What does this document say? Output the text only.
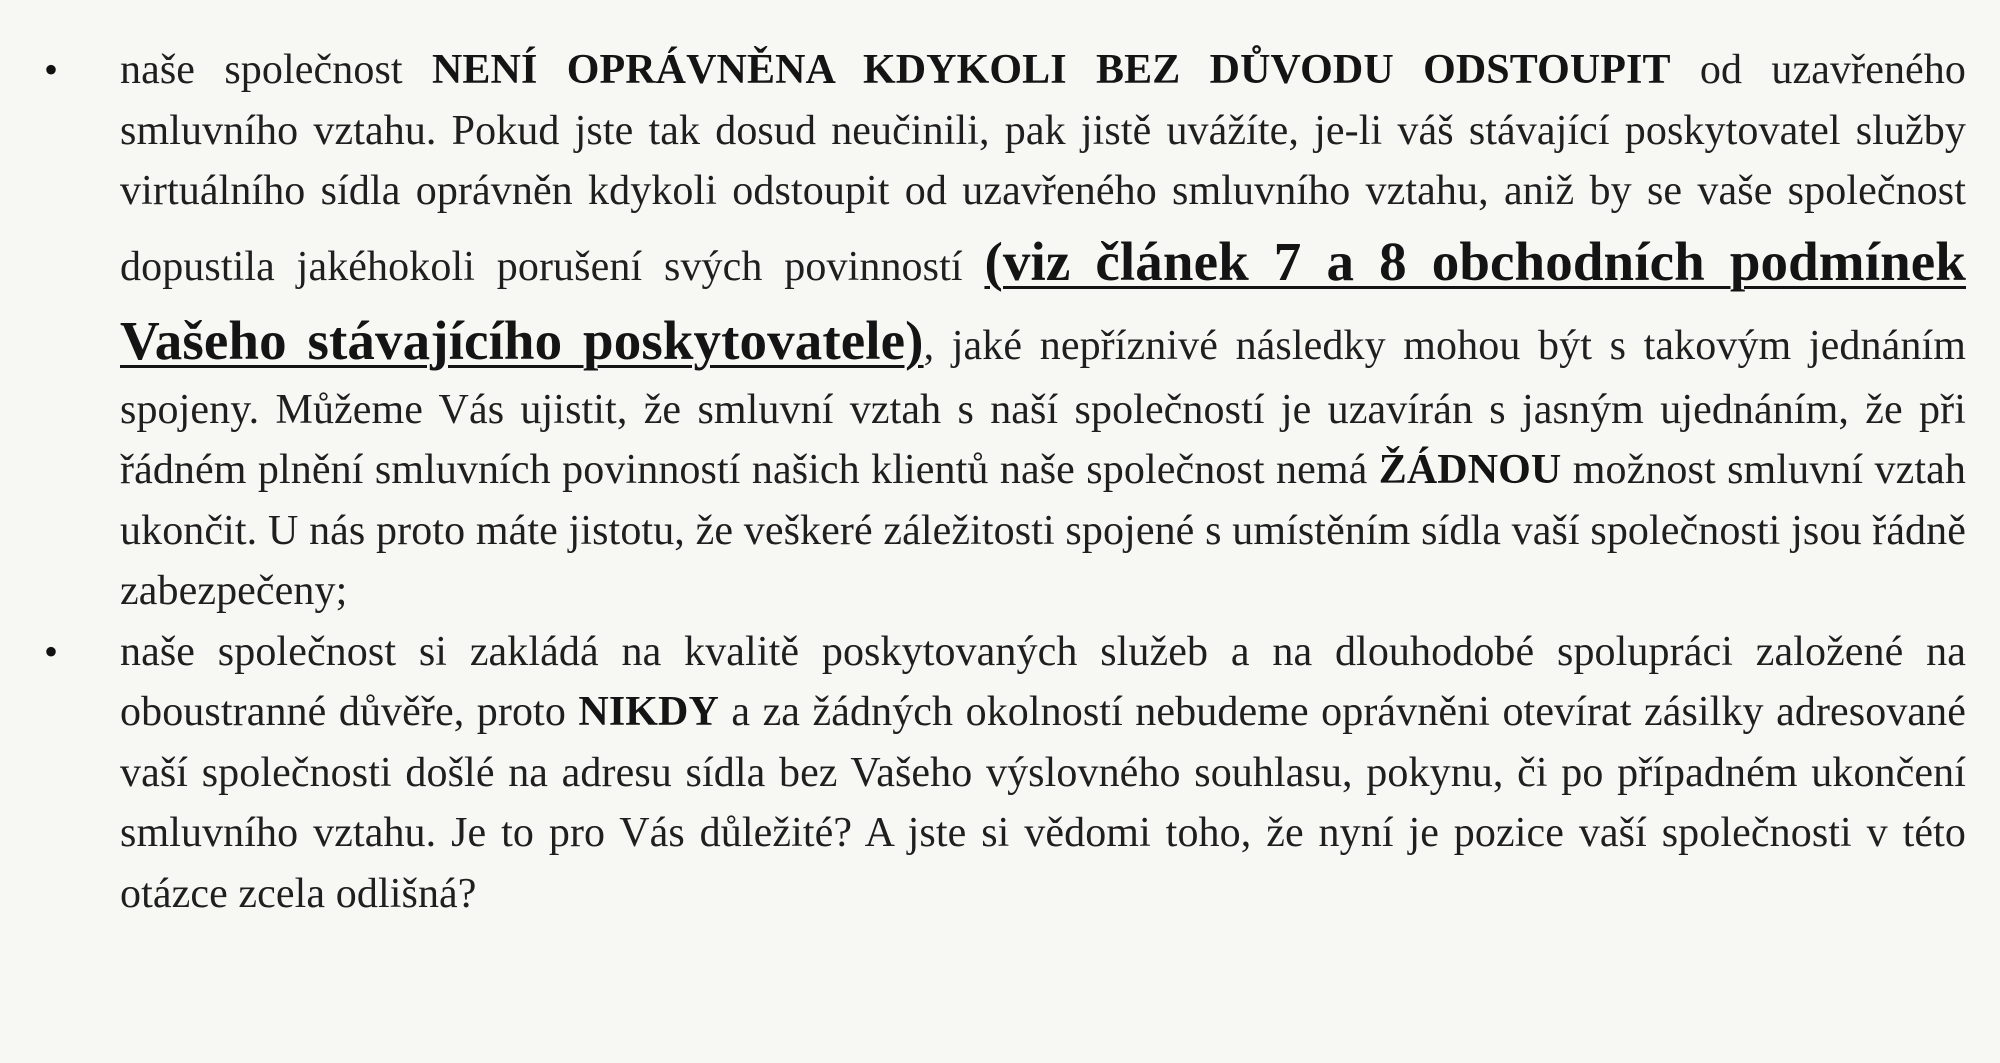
• naše společnost NENÍ OPRÁVNĚNA KDYKOLI BEZ DŮVODU ODSTOUPIT od uzavřeného smluvního vztahu. Pokud jste tak dosud neučinili, pak jistě uvážíte, je-li váš stávající poskytovatel služby virtuálního sídla oprávněn kdykoli odstoupit od uzavřeného smluvního vztahu, aniž by se vaše společnost dopustila jakéhokoli porušení svých povinností (viz článek 7 a 8 obchodních podmínek Vašeho stávajícího poskytovatele), jaké nepříznivé následky mohou být s takovým jednáním spojeny. Můžeme Vás ujistit, že smluvní vztah s naší společností je uzavírán s jasným ujednáním, že při řádném plnění smluvních povinností našich klientů naše společnost nemá ŽÁDNOU možnost smluvní vztah ukončit. U nás proto máte jistotu, že veškeré záležitosti spojené s umístěním sídla vaší společnosti jsou řádně zabezpečeny;

• naše společnost si zakládá na kvalitě poskytovaných služeb a na dlouhodobé spolupráci založené na oboustranné důvěře, proto NIKDY a za žádných okolností nebudeme oprávněni otevírat zásilky adresované vaší společnosti došlé na adresu sídla bez Vašeho výslovného souhlasu, pokynu, či po případném ukončení smluvního vztahu. Je to pro Vás důležité? A jste si vědomi toho, že nyní je pozice vaší společnosti v této otázce zcela odlišná?
